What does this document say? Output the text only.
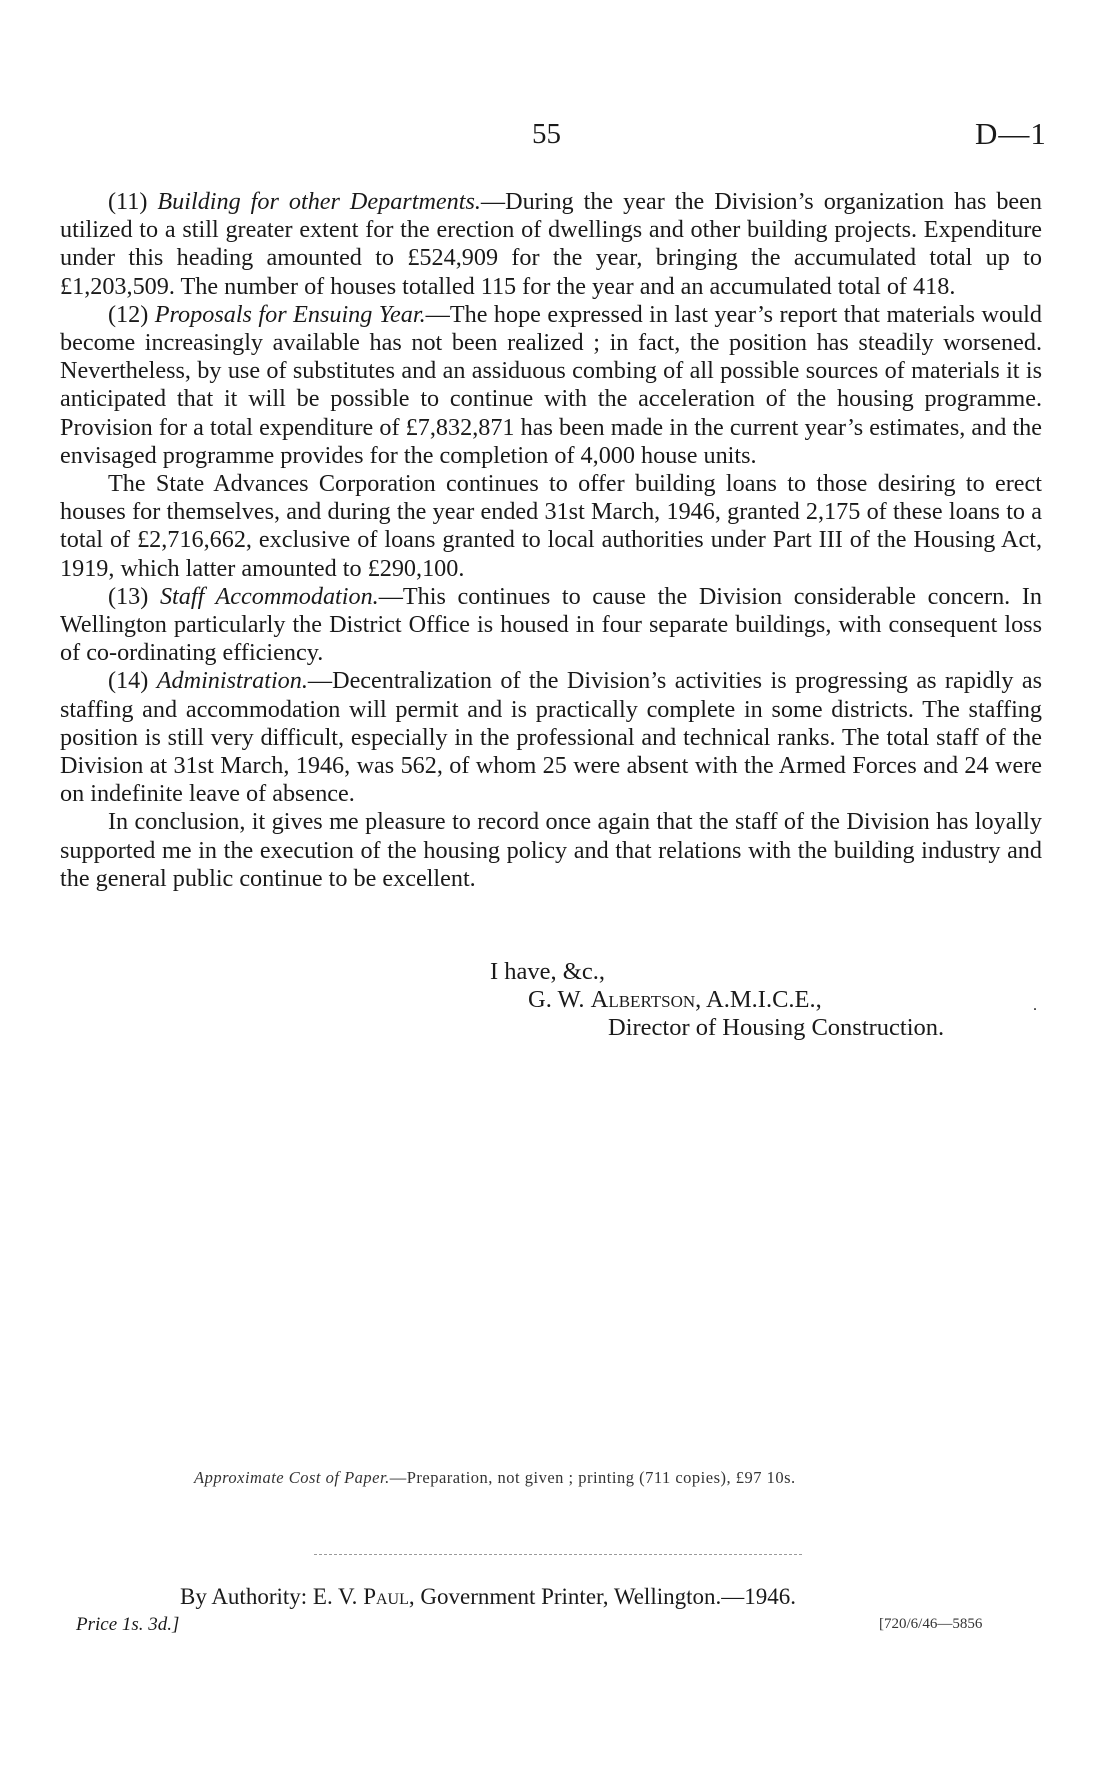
55	D—1

(11) Building for other Departments.—During the year the Division’s organization has been utilized to a still greater extent for the erection of dwellings and other building projects. Expenditure under this heading amounted to £524,909 for the year, bringing the accumulated total up to £1,203,509. The number of houses totalled 115 for the year and an accumulated total of 418.

(12) Proposals for Ensuing Year.—The hope expressed in last year’s report that materials would become increasingly available has not been realized ; in fact, the position has steadily worsened. Nevertheless, by use of substitutes and an assiduous combing of all possible sources of materials it is anticipated that it will be possible to continue with the acceleration of the housing programme. Provision for a total expenditure of £7,832,871 has been made in the current year’s estimates, and the envisaged programme provides for the completion of 4,000 house units.

The State Advances Corporation continues to offer building loans to those desiring to erect houses for themselves, and during the year ended 31st March, 1946, granted 2,175 of these loans to a total of £2,716,662, exclusive of loans granted to local authorities under Part III of the Housing Act, 1919, which latter amounted to £290,100.

(13) Staff Accommodation.—This continues to cause the Division considerable concern. In Wellington particularly the District Office is housed in four separate buildings, with consequent loss of co-ordinating efficiency.

(14) Administration.—Decentralization of the Division’s activities is progressing as rapidly as staffing and accommodation will permit and is practically complete in some districts. The staffing position is still very difficult, especially in the professional and technical ranks. The total staff of the Division at 31st March, 1946, was 562, of whom 25 were absent with the Armed Forces and 24 were on indefinite leave of absence.

In conclusion, it gives me pleasure to record once again that the staff of the Division has loyally supported me in the execution of the housing policy and that relations with the building industry and the general public continue to be excellent.

I have, &c.,
G. W. Albertson, A.M.I.C.E.,
Director of Housing Construction.
.
Approximate Cost of Paper.—Preparation, not given ; printing (711 copies), £97 10s.
By Authority: E. V. Paul, Government Printer, Wellington.—1946.
Price 1s. 3d.]	[720/6/46—5856
